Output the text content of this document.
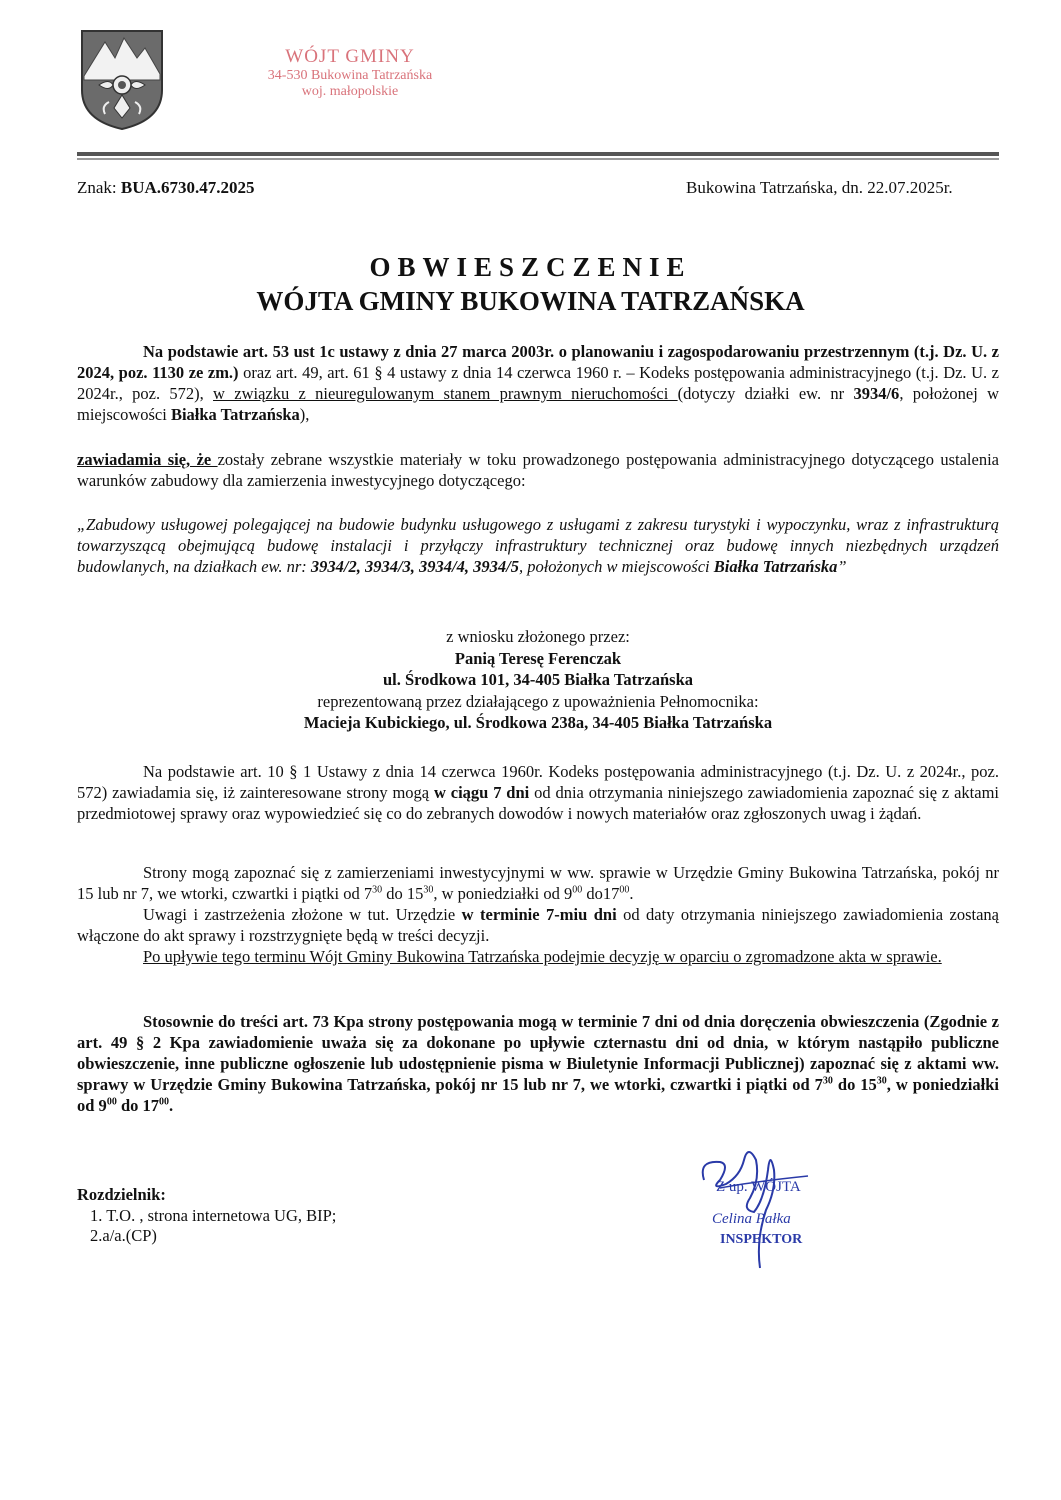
WÓJT GMINY
34-530 Bukowina Tatrzańska
woj. małopolskie
Znak: BUA.6730.47.2025	Bukowina Tatrzańska, dn. 22.07.2025r.
OBWIESZCZENIE
WÓJTA GMINY BUKOWINA TATRZAŃSKA
Na podstawie art. 53 ust 1c ustawy z dnia 27 marca 2003r. o planowaniu i zagospodarowaniu przestrzennym (t.j. Dz. U. z 2024, poz. 1130 ze zm.) oraz art. 49, art. 61 § 4 ustawy z dnia 14 czerwca 1960 r. – Kodeks postępowania administracyjnego (t.j. Dz. U. z 2024r., poz. 572), w związku z nieuregulowanym stanem prawnym nieruchomości (dotyczy działki ew. nr 3934/6, położonej w miejscowości Białka Tatrzańska),
zawiadamia się, że zostały zebrane wszystkie materiały w toku prowadzonego postępowania administracyjnego dotyczącego ustalenia warunków zabudowy dla zamierzenia inwestycyjnego dotyczącego:
„Zabudowy usługowej polegającej na budowie budynku usługowego z usługami z zakresu turystyki i wypoczynku, wraz z infrastrukturą towarzyszącą obejmującą budowę instalacji i przyłączy infrastruktury technicznej oraz budowę innych niezbędnych urządzeń budowlanych, na działkach ew. nr: 3934/2, 3934/3, 3934/4, 3934/5, położonych w miejscowości Białka Tatrzańska”
z wniosku złożonego przez:
Panią Teresę Ferenczak
ul. Środkowa 101, 34-405 Białka Tatrzańska
reprezentowaną przez działającego z upoważnienia Pełnomocnika:
Macieja Kubickiego, ul. Środkowa 238a, 34-405 Białka Tatrzańska
Na podstawie art. 10 § 1 Ustawy z dnia 14 czerwca 1960r. Kodeks postępowania administracyjnego (t.j. Dz. U. z 2024r., poz. 572) zawiadamia się, iż zainteresowane strony mogą w ciągu 7 dni od dnia otrzymania niniejszego zawiadomienia zapoznać się z aktami przedmiotowej sprawy oraz wypowiedzieć się co do zebranych dowodów i nowych materiałów oraz zgłoszonych uwag i żądań.
Strony mogą zapoznać się z zamierzeniami inwestycyjnymi w ww. sprawie w Urzędzie Gminy Bukowina Tatrzańska, pokój nr 15 lub nr 7, we wtorki, czwartki i piątki od $7^{30}$ do $15^{30}$, w poniedziałki od $9^{00}$ $do17^{00}$.
Uwagi i zastrzeżenia złożone w tut. Urzędzie w terminie 7-miu dni od daty otrzymania niniejszego zawiadomienia zostaną włączone do akt sprawy i rozstrzygnięte będą w treści decyzji.
Po upływie tego terminu Wójt Gminy Bukowina Tatrzańska podejmie decyzję w oparciu o zgromadzone akta w sprawie.
Stosownie do treści art. 73 Kpa strony postępowania mogą w terminie 7 dni od dnia doręczenia obwieszczenia (Zgodnie z art. 49 § 2 Kpa zawiadomienie uważa się za dokonane po upływie czternastu dni od dnia, w którym nastąpiło publiczne obwieszczenie, inne publiczne ogłoszenie lub udostępnienie pisma w Biuletynie Informacji Publicznej) zapoznać się z aktami ww. sprawy w Urzędzie Gminy Bukowina Tatrzańska, pokój nr 15 lub nr 7, we wtorki, czwartki i piątki od $7^{30}$ do $15^{30}$, w poniedziałki od $9^{00}$ do $17^{00}$.
Z up. WÓJTA
Celina Pałka
INSPEKTOR
Rozdzielnik:
1. T.O. , strona internetowa UG, BIP;
2.a/a.(CP)
